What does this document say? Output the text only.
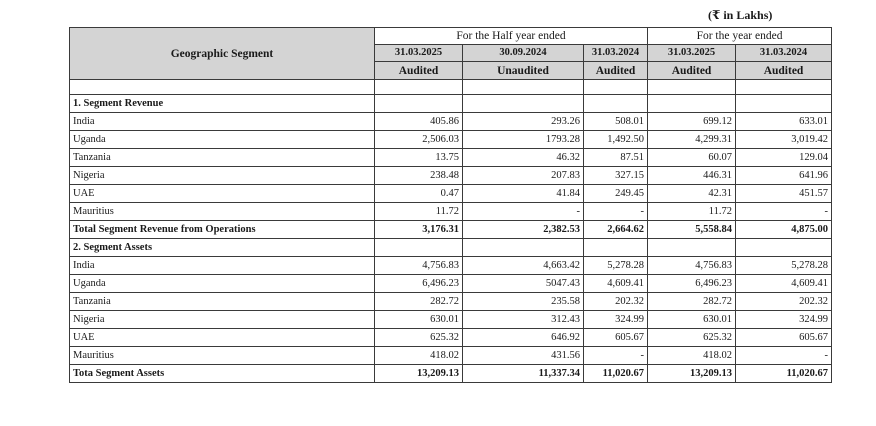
(₹ in Lakhs)
Geographic Segment	For the Half year ended			For the year ended	
	31.03.2025	30.09.2024	31.03.2024	31.03.2025	31.03.2024
	Audited	Unaudited	Audited	Audited	Audited

1. Segment Revenue					
India	405.86	293.26	508.01	699.12	633.01
Uganda	2,506.03	1793.28	1,492.50	4,299.31	3,019.42
Tanzania	13.75	46.32	87.51	60.07	129.04
Nigeria	238.48	207.83	327.15	446.31	641.96
UAE	0.47	41.84	249.45	42.31	451.57
Mauritius	11.72	-	-	11.72	-
Total Segment Revenue from Operations	3,176.31	2,382.53	2,664.62	5,558.84	4,875.00
2. Segment Assets					
India	4,756.83	4,663.42	5,278.28	4,756.83	5,278.28
Uganda	6,496.23	5047.43	4,609.41	6,496.23	4,609.41
Tanzania	282.72	235.58	202.32	282.72	202.32
Nigeria	630.01	312.43	324.99	630.01	324.99
UAE	625.32	646.92	605.67	625.32	605.67
Mauritius	418.02	431.56	-	418.02	-
Tota Segment Assets	13,209.13	11,337.34	11,020.67	13,209.13	11,020.67
